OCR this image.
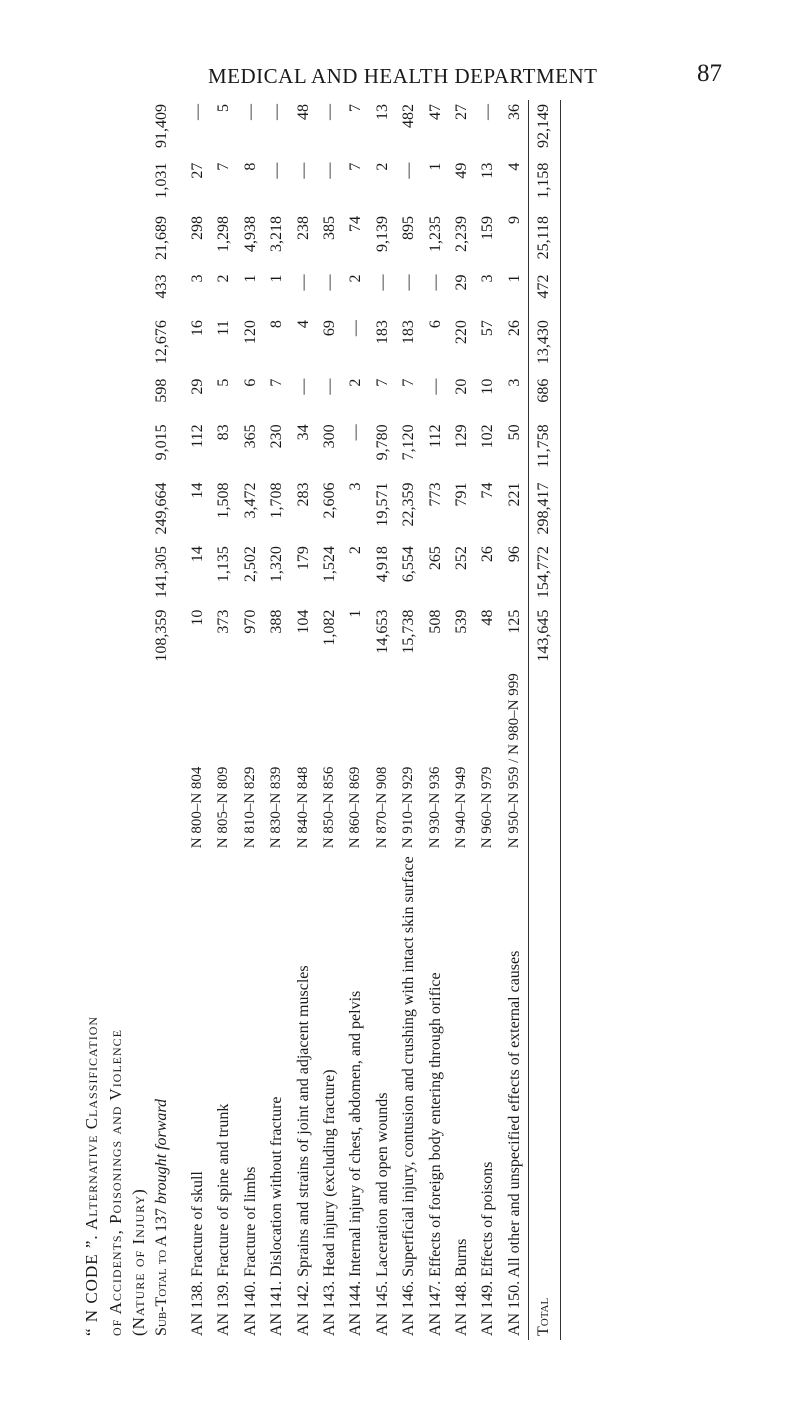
MEDICAL AND HEALTH DEPARTMENT	87
“ N CODE ”. Alternative Classification											
of Accidents, Poisonings and Violence											
(Nature of Injury)											
Sub-Total to A 137 brought forward		108,359	141,305	249,664	9,015	598	12,676	433	21,689	1,031	91,409
AN 138. Fracture of skull	N 800–N 804	10	14	14	112	29	16	3	298	27	—
AN 139. Fracture of spine and trunk	N 805–N 809	373	1,135	1,508	83	5	11	2	1,298	7	5
AN 140. Fracture of limbs	N 810–N 829	970	2,502	3,472	365	6	120	1	4,938	8	—
AN 141. Dislocation without fracture	N 830–N 839	388	1,320	1,708	230	7	8	1	3,218	—	—
AN 142. Sprains and strains of joint and adjacent muscles	N 840–N 848	104	179	283	34	—	4	—	238	—	48
AN 143. Head injury (excluding fracture)	N 850–N 856	1,082	1,524	2,606	300	—	69	—	385	—	—
AN 144. Internal injury of chest, abdomen, and pelvis	N 860–N 869	1	2	3	—	2	—	2	74	7	7
AN 145. Laceration and open wounds	N 870–N 908	14,653	4,918	19,571	9,780	7	183	—	9,139	2	13
AN 146. Superficial injury, contusion and crushing with intact skin surface	N 910–N 929	15,738	6,554	22,359	7,120	7	183	—	895	—	482
AN 147. Effects of foreign body entering through orifice	N 930–N 936	508	265	773	112	—	6	—	1,235	1	47
AN 148. Burns	N 940–N 949	539	252	791	129	20	220	29	2,239	49	27
AN 149. Effects of poisons	N 960–N 979	48	26	74	102	10	57	3	159	13	—
AN 150. All other and unspecified effects of external causes	N 950–N 959 / N 980–N 999	125	96	221	50	3	26	1	9	4	36
Total		143,645	154,772	298,417	11,758	686	13,430	472	25,118	1,158	92,149
